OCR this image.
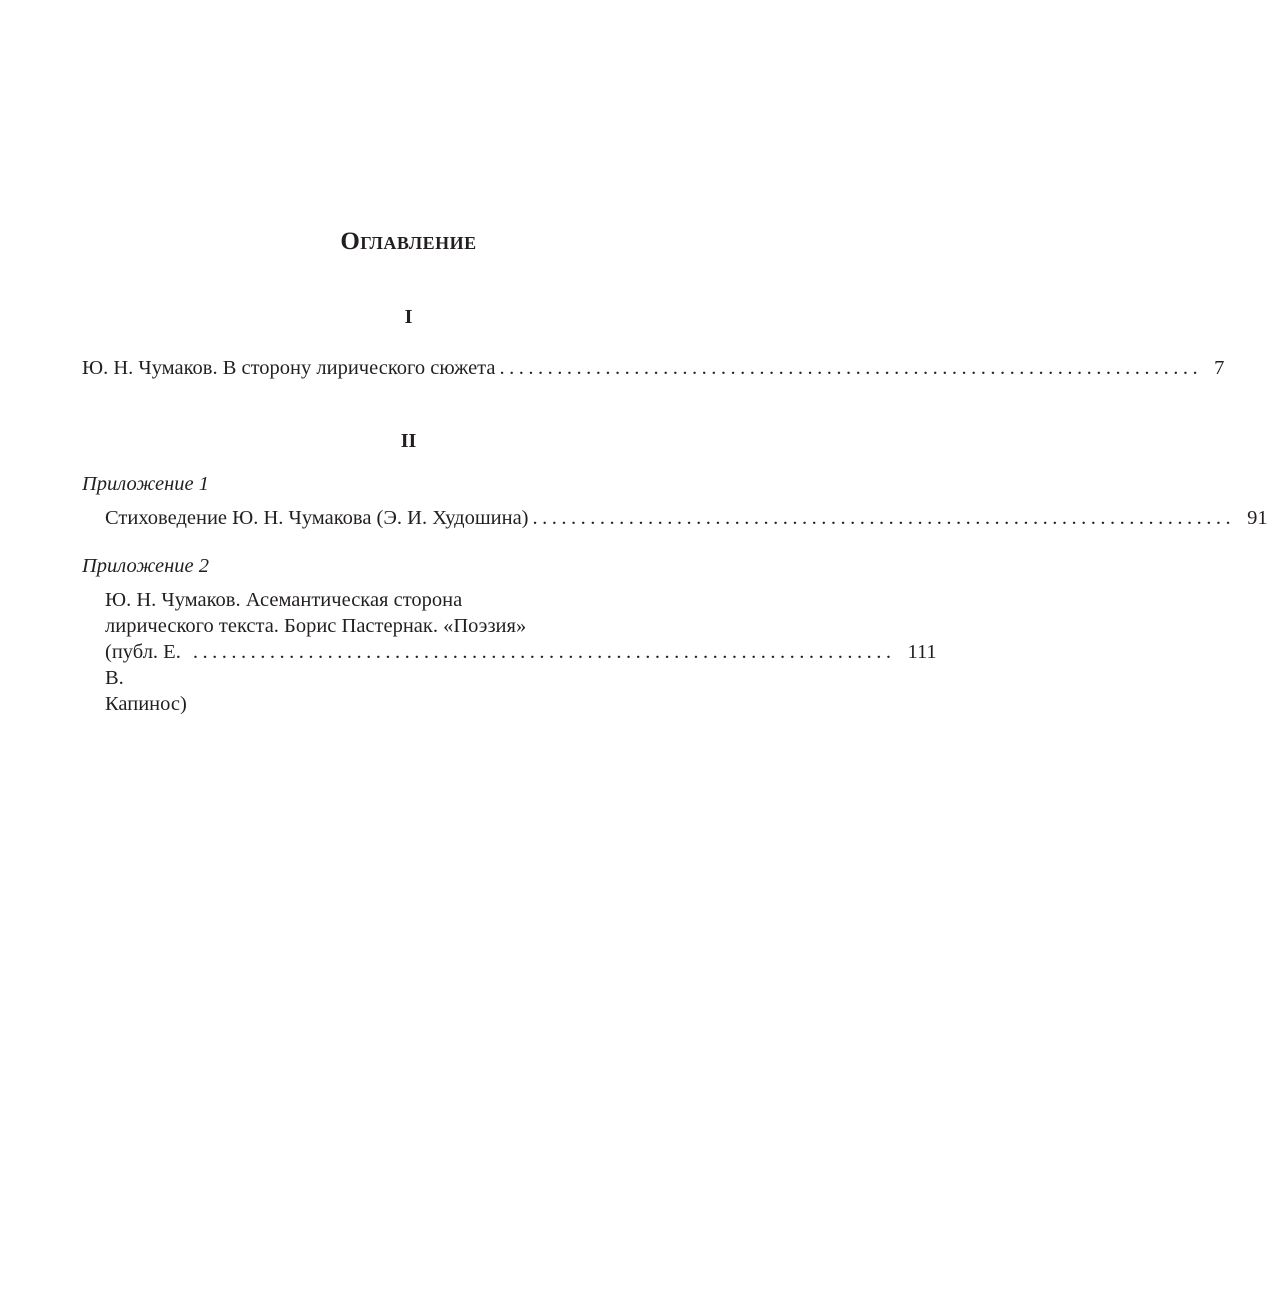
Оглавление
I
Ю. Н. Чумаков. В сторону лирического сюжета ......................................................................... 7
II
Приложение 1
Стиховедение Ю. Н. Чумакова (Э. И. Худошина) ......................................................................... 91
Приложение 2
Ю. Н. Чумаков. Асемантическая сторона
лирического текста. Борис Пастернак. «Поэзия»
(публ. Е. В. Капинос)
......................................................................... 111
